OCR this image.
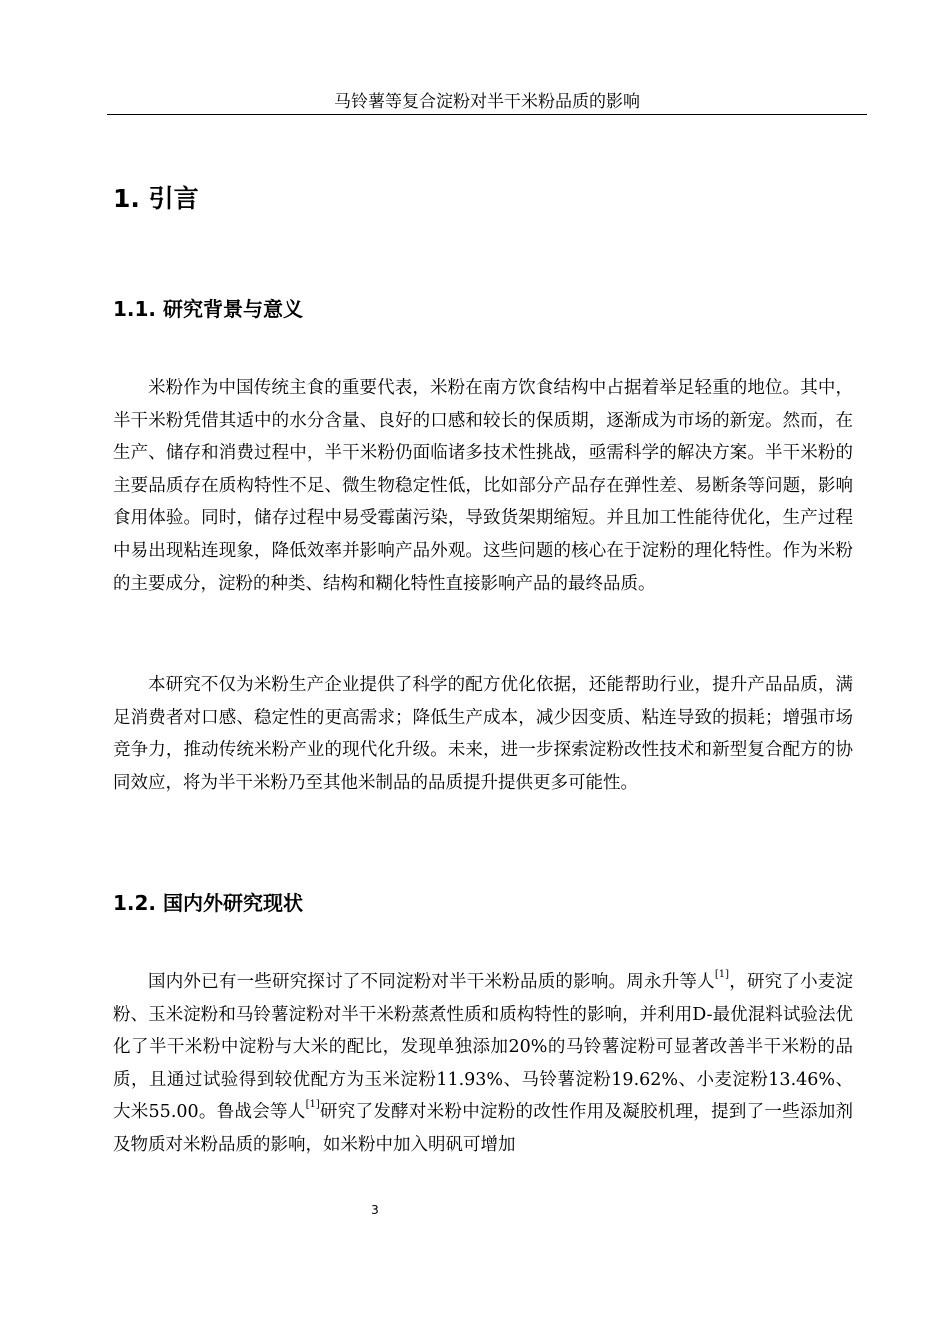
马铃薯等复合淀粉对半干米粉品质的影响
1. 引言
1.1. 研究背景与意义

米粉作为中国传统主食的重要代表，米粉在南方饮食结构中占据着举足轻重的地位。其中，半干米粉凭借其适中的水分含量、良好的口感和较长的保质期，逐渐成为市场的新宠。然而，在生产、储存和消费过程中，半干米粉仍面临诸多技术性挑战，亟需科学的解决方案。半干米粉的主要品质存在质构特性不足、微生物稳定性低，比如部分产品存在弹性差、易断条等问题，影响食用体验。同时，储存过程中易受霉菌污染，导致货架期缩短。并且加工性能待优化，生产过程中易出现粘连现象，降低效率并影响产品外观。这些问题的核心在于淀粉的理化特性。作为米粉的主要成分，淀粉的种类、结构和糊化特性直接影响产品的最终品质。

本研究不仅为米粉生产企业提供了科学的配方优化依据，还能帮助行业，提升产品品质，满足消费者对口感、稳定性的更高需求；降低生产成本，减少因变质、粘连导致的损耗；增强市场竞争力，推动传统米粉产业的现代化升级。未来，进一步探索淀粉改性技术和新型复合配方的协同效应，将为半干米粉乃至其他米制品的品质提升提供更多可能性。

1.2. 国内外研究现状

国内外已有一些研究探讨了不同淀粉对半干米粉品质的影响。周永升等人[1]，研究了小麦淀粉、玉米淀粉和马铃薯淀粉对半干米粉蒸煮性质和质构特性的影响，并利用D-最优混料试验法优化了半干米粉中淀粉与大米的配比，发现单独添加20%的马铃薯淀粉可显著改善半干米粉的品质，且通过试验得到较优配方为玉米淀粉11.93%、马铃薯淀粉19.62%、小麦淀粉13.46%、大米55.00。鲁战会等人[1]研究了发酵对米粉中淀粉的改性作用及凝胶机理，提到了一些添加剂及物质对米粉品质的影响，如米粉中加入明矾可增加

3
